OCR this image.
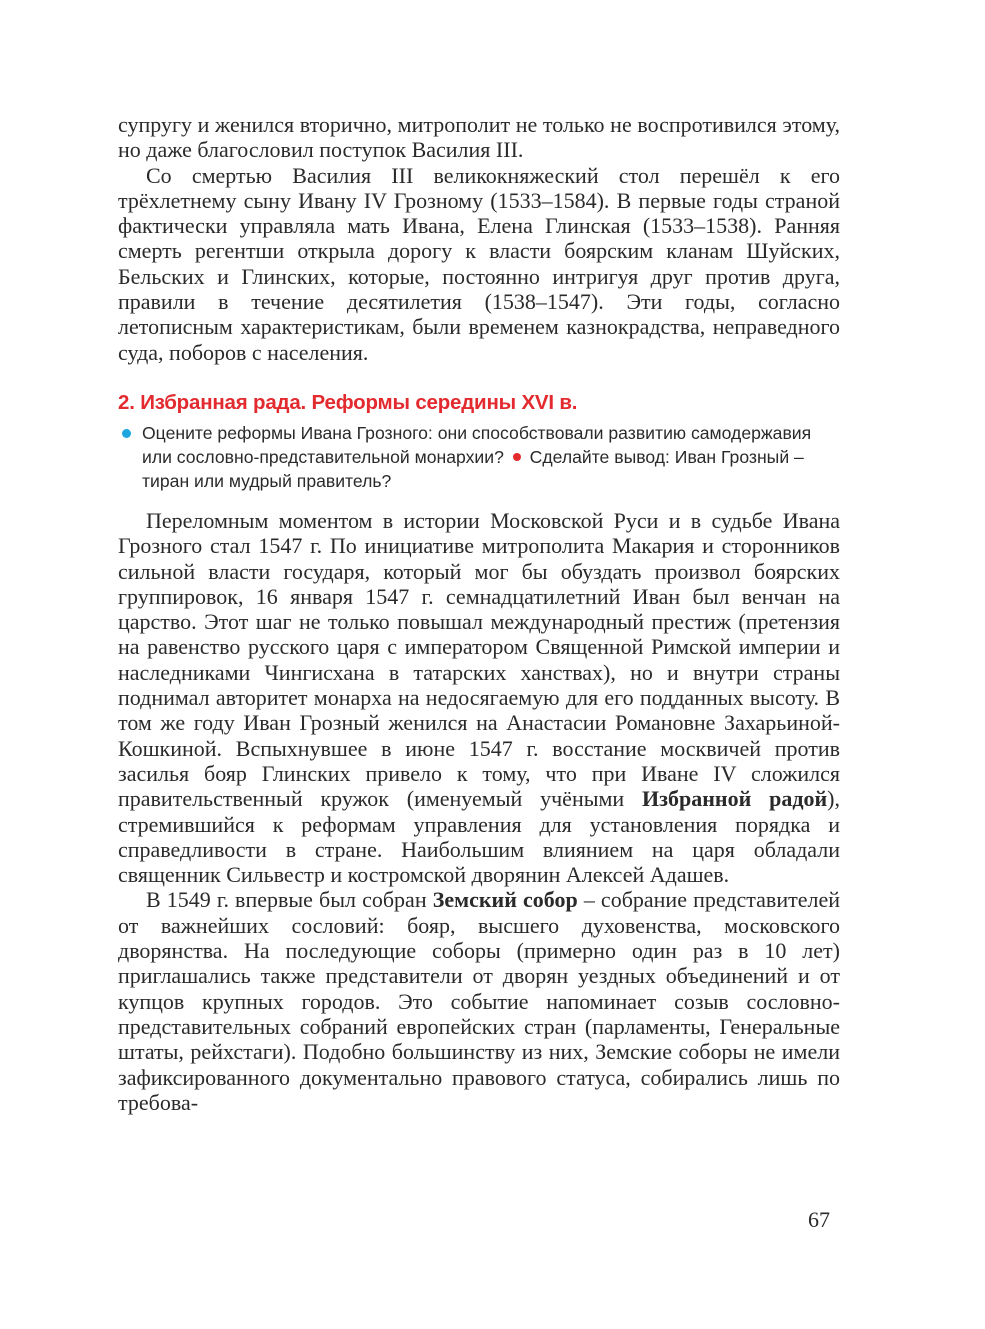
супругу и женился вторично, митрополит не только не воспротивился этому, но даже благословил поступок Василия III.

Со смертью Василия III великокняжеский стол перешёл к его трёхлетнему сыну Ивану IV Грозному (1533–1584). В первые годы страной фактически управляла мать Ивана, Елена Глинская (1533–1538). Ранняя смерть регентши открыла дорогу к власти боярским кланам Шуйских, Бельских и Глинских, которые, постоянно интригуя друг против друга, правили в течение десятилетия (1538–1547). Эти годы, согласно летописным характеристикам, были временем казнокрадства, неправедного суда, поборов с населения.

2. Избранная рада. Реформы середины XVI в.
Оцените реформы Ивана Грозного: они способствовали развитию самодержавия или сословно-представительной монархии? Сделайте вывод: Иван Грозный – тиран или мудрый правитель?

Переломным моментом в истории Московской Руси и в судьбе Ивана Грозного стал 1547 г. По инициативе митрополита Макария и сторонников сильной власти государя, который мог бы обуздать произвол боярских группировок, 16 января 1547 г. семнадцатилетний Иван был венчан на царство. Этот шаг не только повышал международный престиж (претензия на равенство русского царя с императором Священной Римской империи и наследниками Чингисхана в татарских ханствах), но и внутри страны поднимал авторитет монарха на недосягаемую для его подданных высоту. В том же году Иван Грозный женился на Анастасии Романовне Захарьиной-Кошкиной. Вспыхнувшее в июне 1547 г. восстание москвичей против засилья бояр Глинских привело к тому, что при Иване IV сложился правительственный кружок (именуемый учёными Избранной радой), стремившийся к реформам управления для установления порядка и справедливости в стране. Наибольшим влиянием на царя обладали священник Сильвестр и костромской дворянин Алексей Адашев.

В 1549 г. впервые был собран Земский собор – собрание представителей от важнейших сословий: бояр, высшего духовенства, московского дворянства. На последующие соборы (примерно один раз в 10 лет) приглашались также представители от дворян уездных объединений и от купцов крупных городов. Это событие напоминает созыв сословно-представительных собраний европейских стран (парламенты, Генеральные штаты, рейхстаги). Подобно большинству из них, Земские соборы не имели зафиксированного документально правового статуса, собирались лишь по требова-

67
